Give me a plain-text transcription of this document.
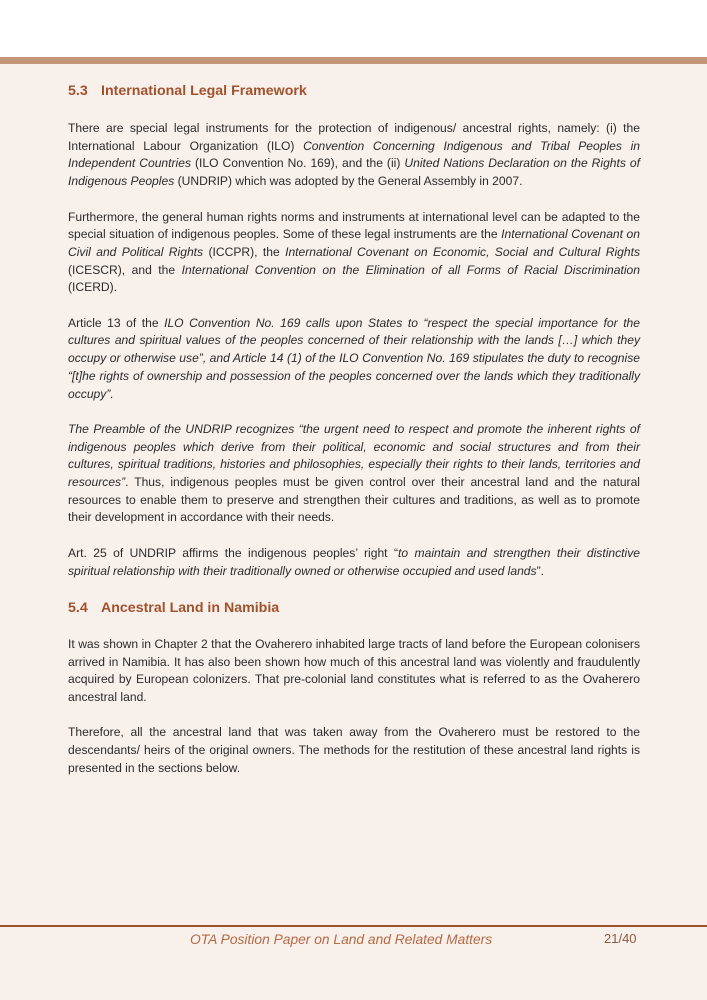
5.3 International Legal Framework

There are special legal instruments for the protection of indigenous/ ancestral rights, namely: (i) the International Labour Organization (ILO) Convention Concerning Indigenous and Tribal Peoples in Independent Countries (ILO Convention No. 169), and the (ii) United Nations Declaration on the Rights of Indigenous Peoples (UNDRIP) which was adopted by the General Assembly in 2007.

Furthermore, the general human rights norms and instruments at international level can be adapted to the special situation of indigenous peoples. Some of these legal instruments are the International Covenant on Civil and Political Rights (ICCPR), the International Covenant on Economic, Social and Cultural Rights (ICESCR), and the International Convention on the Elimination of all Forms of Racial Discrimination (ICERD).

Article 13 of the ILO Convention No. 169 calls upon States to “respect the special importance for the cultures and spiritual values of the peoples concerned of their relationship with the lands […] which they occupy or otherwise use”, and Article 14 (1) of the ILO Convention No. 169 stipulates the duty to recognise “[t]he rights of ownership and possession of the peoples concerned over the lands which they traditionally occupy”.

The Preamble of the UNDRIP recognizes “the urgent need to respect and promote the inherent rights of indigenous peoples which derive from their political, economic and social structures and from their cultures, spiritual traditions, histories and philosophies, especially their rights to their lands, territories and resources”. Thus, indigenous peoples must be given control over their ancestral land and the natural resources to enable them to preserve and strengthen their cultures and traditions, as well as to promote their development in accordance with their needs.

Art. 25 of UNDRIP affirms the indigenous peoples’ right “to maintain and strengthen their distinctive spiritual relationship with their traditionally owned or otherwise occupied and used lands”.

5.4 Ancestral Land in Namibia

It was shown in Chapter 2 that the Ovaherero inhabited large tracts of land before the European colonisers arrived in Namibia. It has also been shown how much of this ancestral land was violently and fraudulently acquired by European colonizers. That pre-colonial land constitutes what is referred to as the Ovaherero ancestral land.

Therefore, all the ancestral land that was taken away from the Ovaherero must be restored to the descendants/ heirs of the original owners. The methods for the restitution of these ancestral land rights is presented in the sections below.

OTA Position Paper on Land and Related Matters	21/40
